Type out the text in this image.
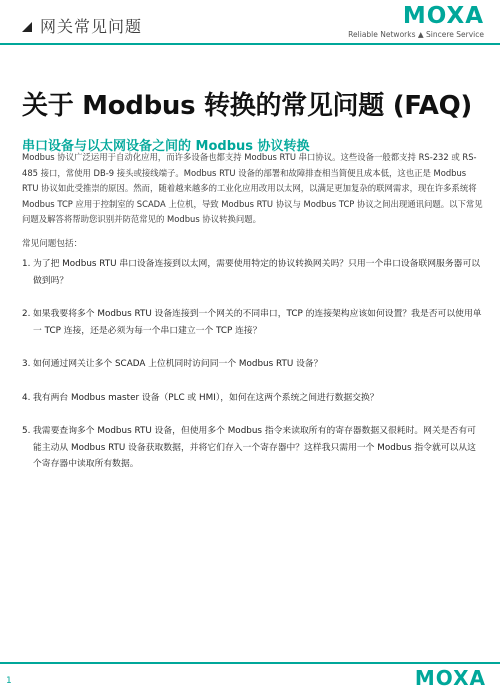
网关常见问题	MOXA
Reliable Networks ▲ Sincere Service
关于 Modbus 转换的常见问题 (FAQ)
串口设备与以太网设备之间的 Modbus 协议转换

Modbus 协议广泛运用于自动化应用，而许多设备也都支持 Modbus RTU 串口协议。这些设备一般都支持 RS-232 或 RS-485 接口，常使用 DB-9 接头或接线端子。Modbus RTU 设备的部署和故障排查相当简便且成本低，这也正是 Modbus RTU 协议如此受推崇的原因。然而，随着越来越多的工业化应用改用以太网，以满足更加复杂的联网需求，现在许多系统将 Modbus TCP 应用于控制室的 SCADA 上位机，导致 Modbus RTU 协议与 Modbus TCP 协议之间出现通讯问题。以下常见问题及解答将帮助您识别并防范常见的 Modbus 协议转换问题。

常见问题包括：
1. 为了把 Modbus RTU 串口设备连接到以太网，需要使用特定的协议转换网关吗？只用一个串口设备联网服务器可以做到吗？
2. 如果我要将多个 Modbus RTU 设备连接到一个网关的不同串口，TCP 的连接架构应该如何设置？我是否可以使用单一 TCP 连接，还是必须为每一个串口建立一个 TCP 连接？
3. 如何通过网关让多个 SCADA 上位机同时访问同一个 Modbus RTU 设备？
4. 我有两台 Modbus master 设备（PLC 或 HMI），如何在这两个系统之间进行数据交换？
5. 我需要查询多个 Modbus RTU 设备，但使用多个 Modbus 指令来读取所有的寄存器数据又很耗时。网关是否有可能主动从 Modbus RTU 设备获取数据，并将它们存入一个寄存器中？这样我只需用一个 Modbus 指令就可以从这个寄存器中读取所有数据。
1	MOXA
